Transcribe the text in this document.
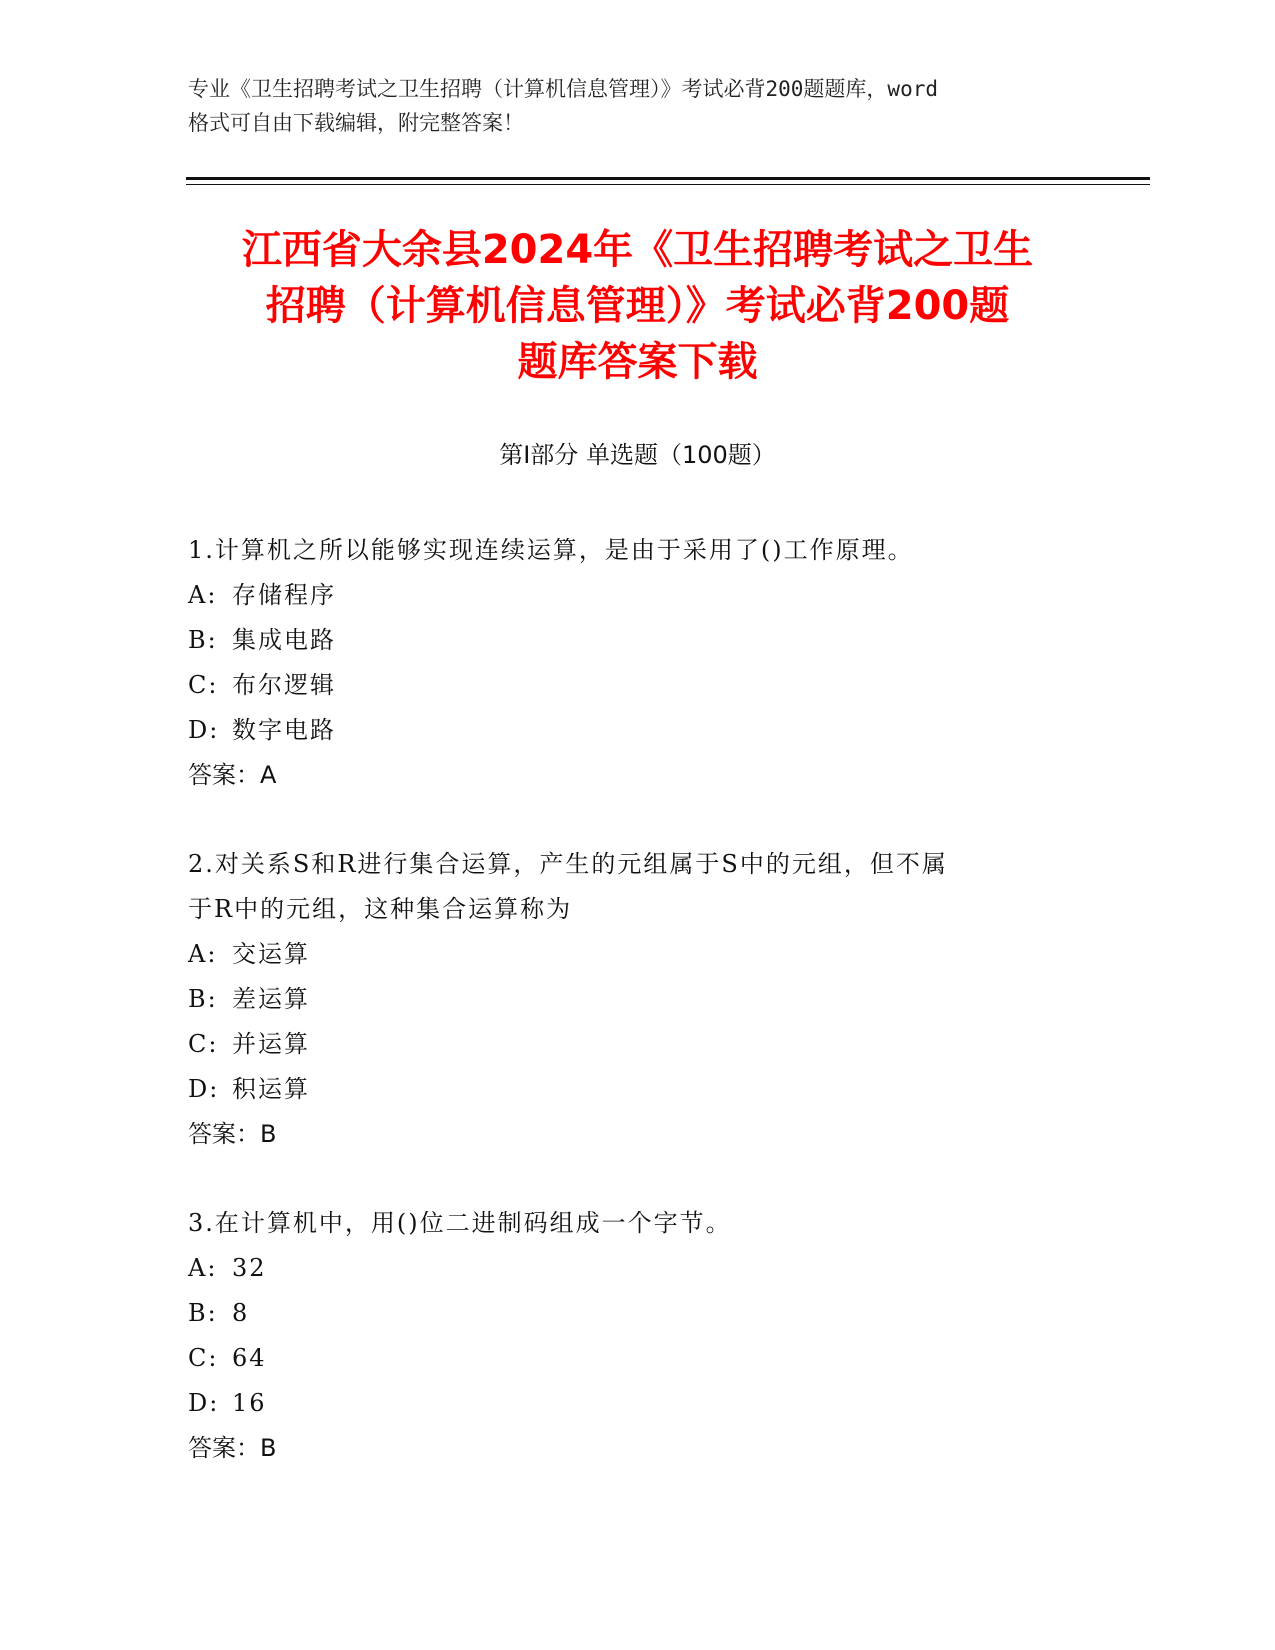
专业《卫生招聘考试之卫生招聘（计算机信息管理）》考试必背200题题库，word
格式可自由下载编辑，附完整答案！
江西省大余县2024年《卫生招聘考试之卫生
招聘（计算机信息管理）》考试必背200题
题库答案下载
第Ⅰ部分 单选题（100题）
1.计算机之所以能够实现连续运算，是由于采用了()工作原理。
A: 存储程序
B: 集成电路
C: 布尔逻辑
D: 数字电路
答案：A
2.对关系S和R进行集合运算，产生的元组属于S中的元组，但不属
于R中的元组，这种集合运算称为
A: 交运算
B: 差运算
C: 并运算
D: 积运算
答案：B
3.在计算机中，用()位二进制码组成一个字节。
A: 32
B: 8
C: 64
D: 16
答案：B
